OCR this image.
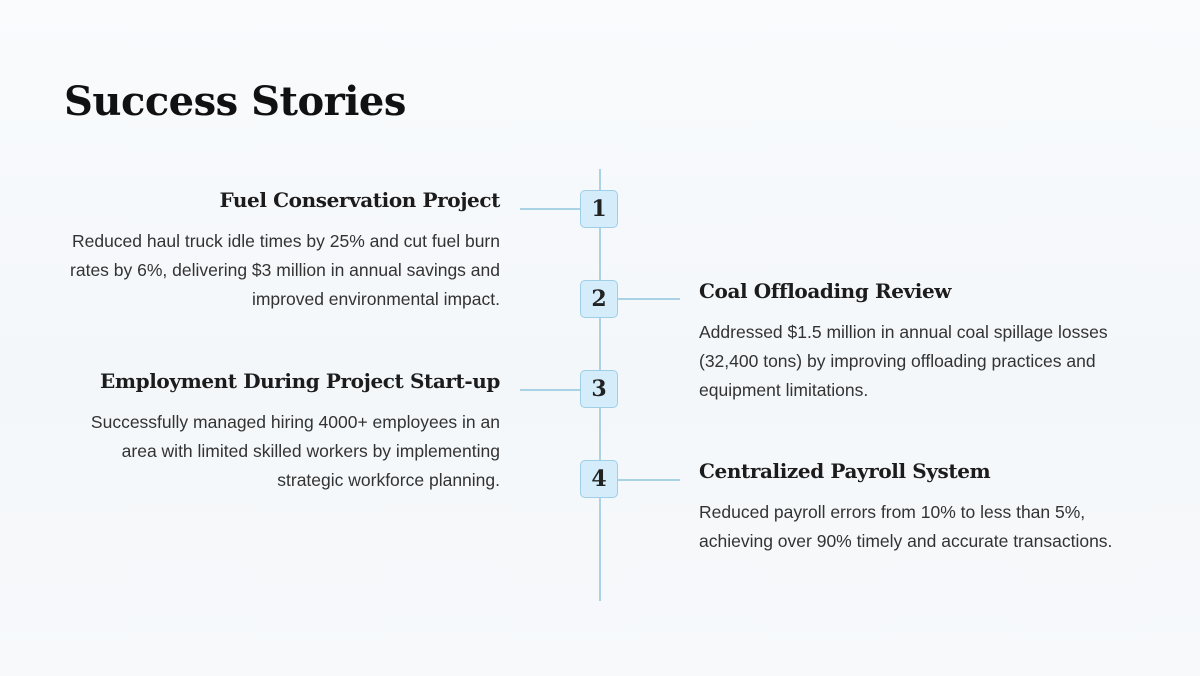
Success Stories
1
2
3
4
Fuel Conservation Project

Reduced haul truck idle times by 25% and cut fuel burn rates by 6%, delivering $3 million in annual savings and improved environmental impact.	Coal Offloading Review

Addressed $1.5 million in annual coal spillage losses (32,400 tons) by improving offloading practices and equipment limitations.

Employment During Project Start-up

Successfully managed hiring 4000+ employees in an area with limited skilled workers by implementing strategic workforce planning.	Centralized Payroll System

Reduced payroll errors from 10% to less than 5%, achieving over 90% timely and accurate transactions.
